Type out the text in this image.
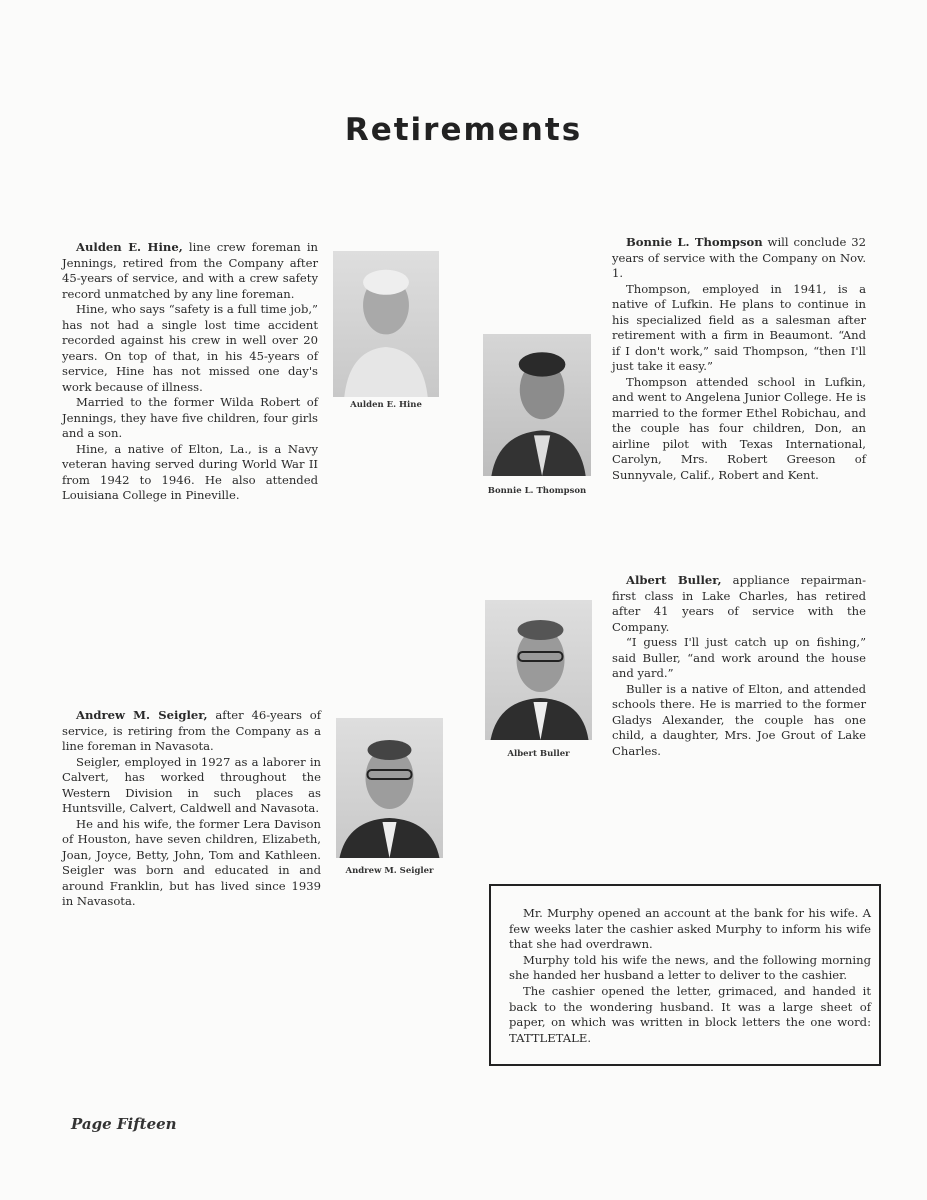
Retirements

Aulden E. Hine, line crew foreman in Jennings, retired from the Company after 45-years of service, and with a crew safety record unmatched by any line foreman.

Hine, who says “safety is a full time job,” has not had a single lost time accident recorded against his crew in well over 20 years. On top of that, in his 45-years of service, Hine has not missed one day's work because of illness.

Married to the former Wilda Robert of Jennings, they have five children, four girls and a son.

Hine, a native of Elton, La., is a Navy veteran having served during World War II from 1942 to 1946. He also attended Louisiana College in Pineville.

Aulden E. Hine
Bonnie L. Thompson

Bonnie L. Thompson will conclude 32 years of service with the Company on Nov. 1.

Thompson, employed in 1941, is a native of Lufkin. He plans to continue in his specialized field as a salesman after retirement with a firm in Beaumont. “And if I don't work,” said Thompson, “then I'll just take it easy.”

Thompson attended school in Lufkin, and went to Angelena Junior College. He is married to the former Ethel Robichau, and the couple has four children, Don, an airline pilot with Texas International, Carolyn, Mrs. Robert Greeson of Sunnyvale, Calif., Robert and Kent.

Albert Buller

Albert Buller, appliance repairman-first class in Lake Charles, has retired after 41 years of service with the Company.

“I guess I'll just catch up on fishing,” said Buller, “and work around the house and yard.”

Buller is a native of Elton, and attended schools there. He is married to the former Gladys Alexander, the couple has one child, a daughter, Mrs. Joe Grout of Lake Charles.

Andrew M. Seigler, after 46-years of service, is retiring from the Company as a line foreman in Navasota.

Seigler, employed in 1927 as a laborer in Calvert, has worked throughout the Western Division in such places as Huntsville, Calvert, Caldwell and Navasota.

He and his wife, the former Lera Davison of Houston, have seven children, Elizabeth, Joan, Joyce, Betty, John, Tom and Kathleen. Seigler was born and educated in and around Franklin, but has lived since 1939 in Navasota.

Andrew M. Seigler

Mr. Murphy opened an account at the bank for his wife. A few weeks later the cashier asked Murphy to inform his wife that she had overdrawn.

Murphy told his wife the news, and the following morning she handed her husband a letter to deliver to the cashier.

The cashier opened the letter, grimaced, and handed it back to the wondering husband. It was a large sheet of paper, on which was written in block letters the one word: TATTLETALE.

Page Fifteen
